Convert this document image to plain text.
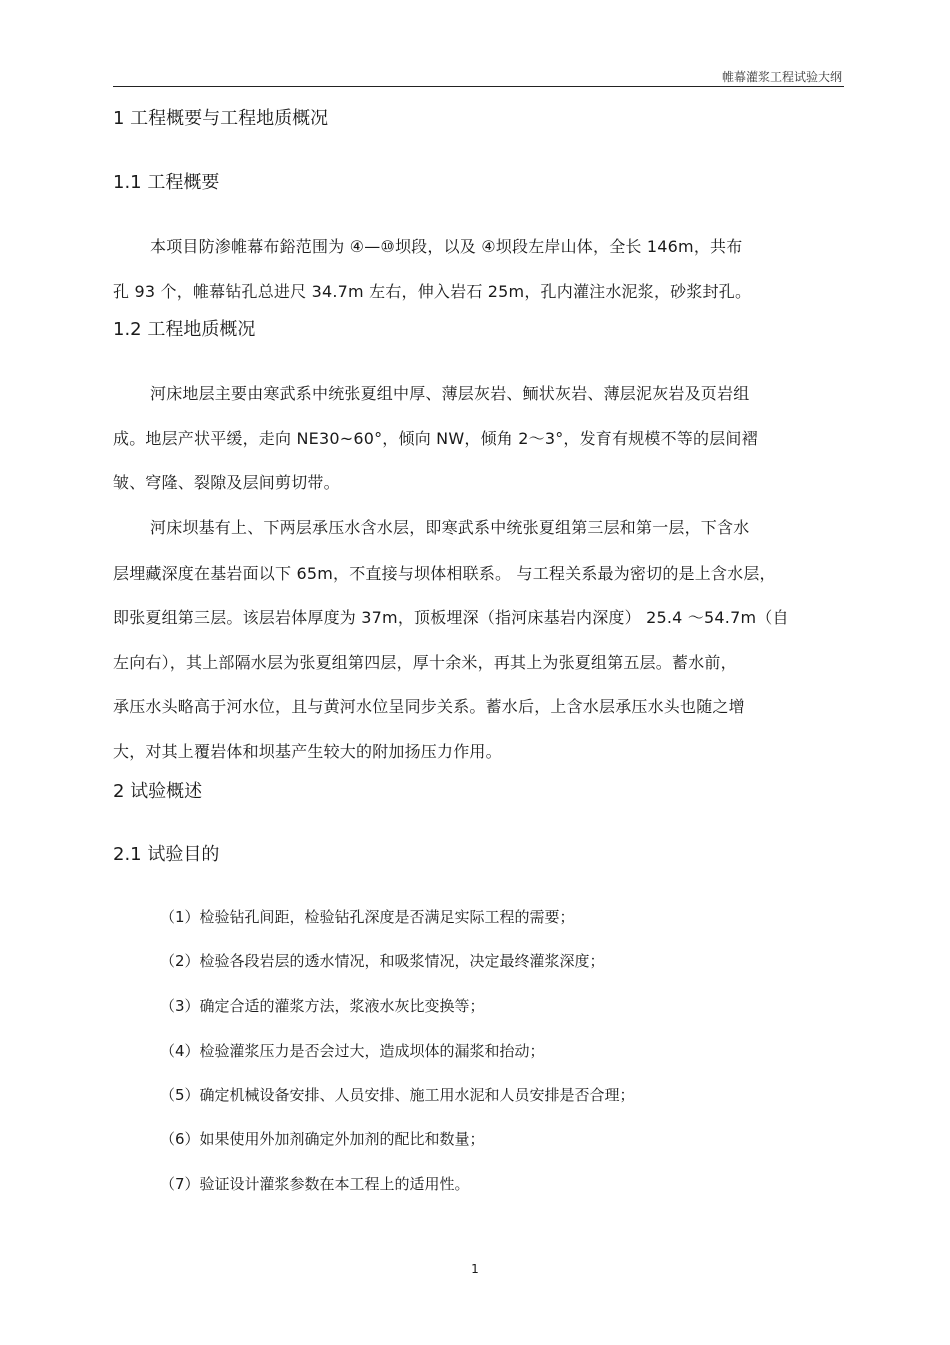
帷幕灌浆工程试验大纲
1 工程概要与工程地质概况
1.1 工程概要
本项目防渗帷幕布鋊范围为 ④—⑩坝段，以及 ④坝段左岸山体，全长 146m，共布
孔 93 个，帷幕钻孔总进尺 34.7m 左右，伸入岩石 25m，孔内灌注水泥浆，砂浆封孔。
1.2 工程地质概况
河床地层主要由寒武系中统张夏组中厚、薄层灰岩、鲕状灰岩、薄层泥灰岩及页岩组
成。地层产状平缓，走向 NE30~60°，倾向 NW，倾角 2～3°，发育有规模不等的层间褶
皱、穹隆、裂隙及层间剪切带。
河床坝基有上、下两层承压水含水层，即寒武系中统张夏组第三层和第一层，下含水
层埋藏深度在基岩面以下 65m，不直接与坝体相联系。 与工程关系最为密切的是上含水层，
即张夏组第三层。该层岩体厚度为 37m，顶板埋深（指河床基岩内深度） 25.4 ～54.7m（自
左向右），其上部隔水层为张夏组第四层，厚十余米，再其上为张夏组第五层。蓄水前，
承压水头略高于河水位，且与黄河水位呈同步关系。蓄水后，上含水层承压水头也随之增
大，对其上覆岩体和坝基产生较大的附加扬压力作用。
2 试验概述
2.1 试验目的
（1）检验钻孔间距，检验钻孔深度是否满足实际工程的需要；
（2）检验各段岩层的透水情况，和吸浆情况，决定最终灌浆深度；
（3）确定合适的灌浆方法，浆液水灰比变换等；
（4）检验灌浆压力是否会过大，造成坝体的漏浆和抬动；
（5）确定机械设备安排、人员安排、施工用水泥和人员安排是否合理；
（6）如果使用外加剂确定外加剂的配比和数量；
（7）验证设计灌浆参数在本工程上的适用性。
1
